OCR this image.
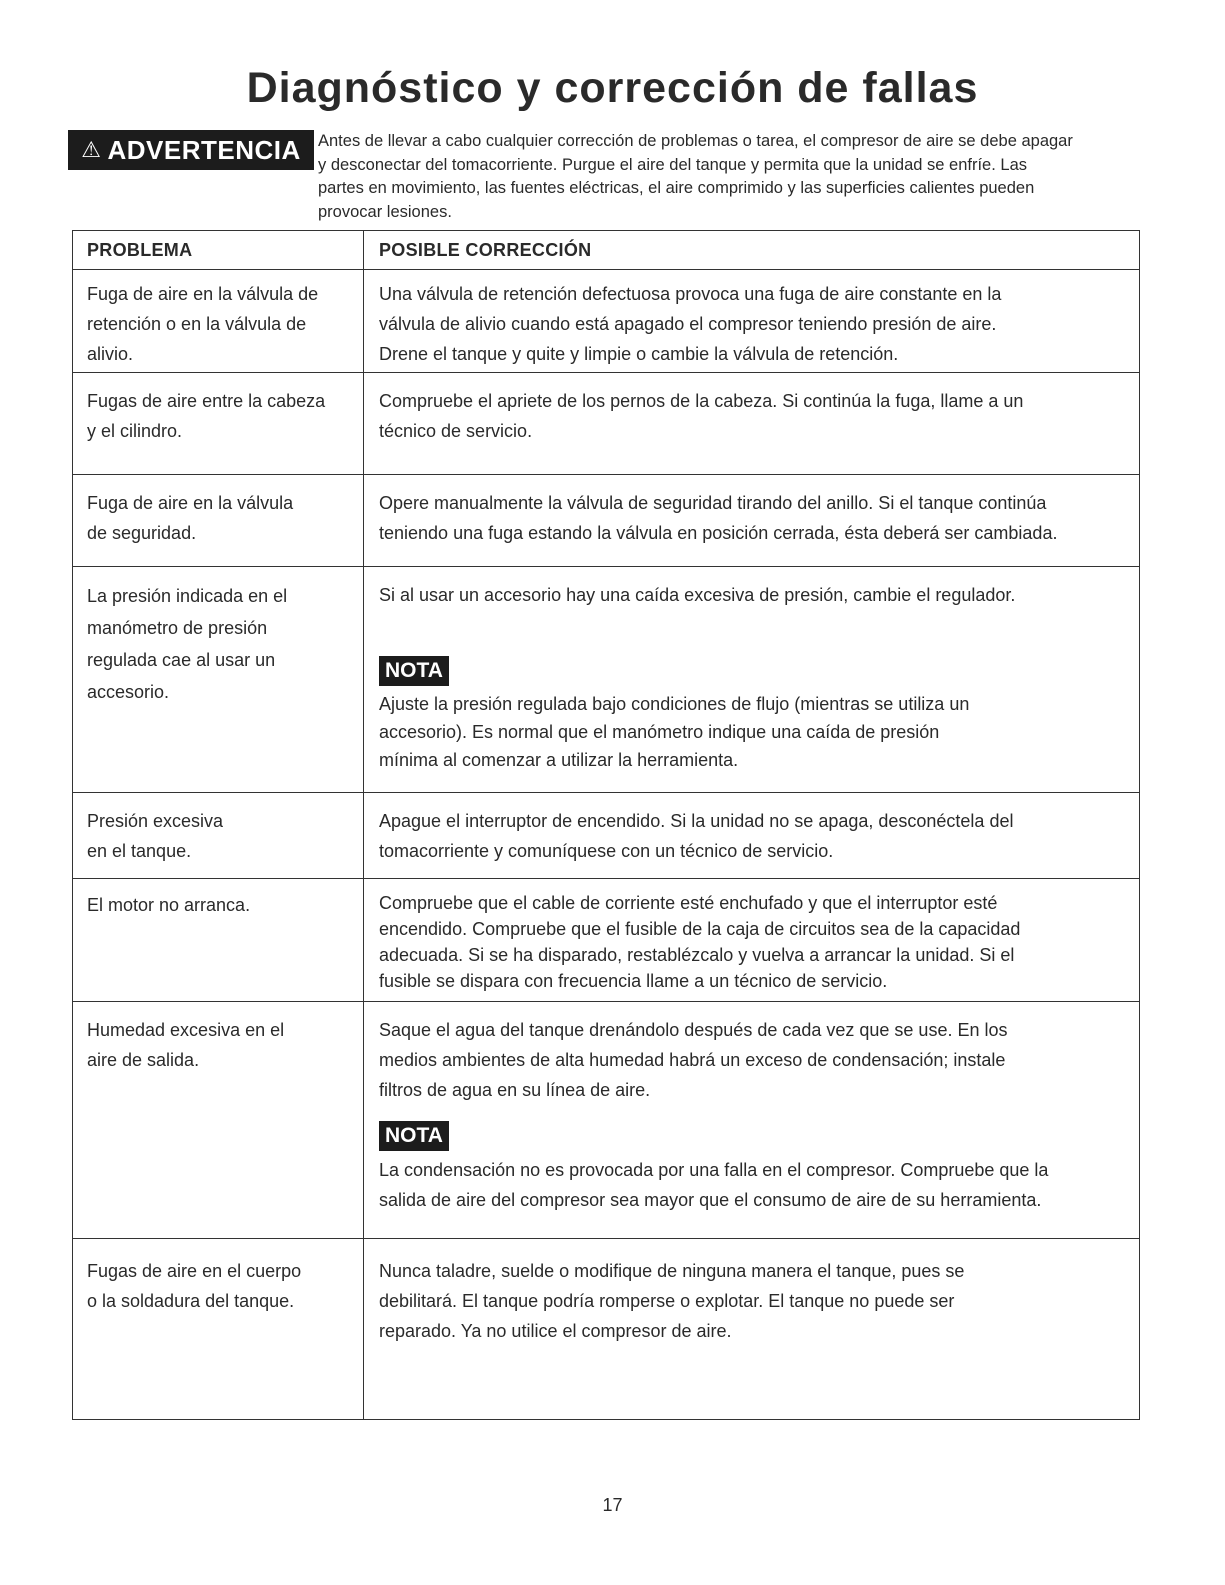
Diagnóstico y corrección de fallas
⚠ ADVERTENCIA Antes de llevar a cabo cualquier corrección de problemas o tarea, el compresor de aire se debe apagar

y desconectar del tomacorriente. Purgue el aire del tanque y permita que la unidad se enfríe. Las

partes en movimiento, las fuentes eléctricas, el aire comprimido y las superficies calientes pueden

provocar lesiones.

PROBLEMA	POSIBLE CORRECCIÓN
Fuga de aire en la válvula de
retención o en la válvula de
alivio.
Una válvula de retención defectuosa provoca una fuga de aire constante en la
válvula de alivio cuando está apagado el compresor teniendo presión de aire.
Drene el tanque y quite y limpie o cambie la válvula de retención.
Fugas de aire entre la cabeza
y el cilindro.
Compruebe el apriete de los pernos de la cabeza. Si continúa la fuga, llame a un
técnico de servicio.
Fuga de aire en la válvula
de seguridad.
Opere manualmente la válvula de seguridad tirando del anillo. Si el tanque continúa
teniendo una fuga estando la válvula en posición cerrada, ésta deberá ser cambiada.
La presión indicada en el
manómetro de presión
regulada cae al usar un
accesorio.
Si al usar un accesorio hay una caída excesiva de presión, cambie el regulador.
NOTA
Ajuste la presión regulada bajo condiciones de flujo (mientras se utiliza un
accesorio). Es normal que el manómetro indique una caída de presión
mínima al comenzar a utilizar la herramienta.
Presión excesiva
en el tanque.
Apague el interruptor de encendido. Si la unidad no se apaga, desconéctela del
tomacorriente y comuníquese con un técnico de servicio.
El motor no arranca.	Compruebe que el cable de corriente esté enchufado y que el interruptor esté
encendido. Compruebe que el fusible de la caja de circuitos sea de la capacidad
adecuada. Si se ha disparado, restablézcalo y vuelva a arrancar la unidad. Si el
fusible se dispara con frecuencia llame a un técnico de servicio.
Humedad excesiva en el
aire de salida.
Saque el agua del tanque drenándolo después de cada vez que se use. En los
medios ambientes de alta humedad habrá un exceso de condensación; instale
filtros de agua en su línea de aire.
NOTA
La condensación no es provocada por una falla en el compresor. Compruebe que la
salida de aire del compresor sea mayor que el consumo de aire de su herramienta.
Fugas de aire en el cuerpo
o la soldadura del tanque.
Nunca taladre, suelde o modifique de ninguna manera el tanque, pues se
debilitará. El tanque podría romperse o explotar. El tanque no puede ser
reparado. Ya no utilice el compresor de aire.
17
